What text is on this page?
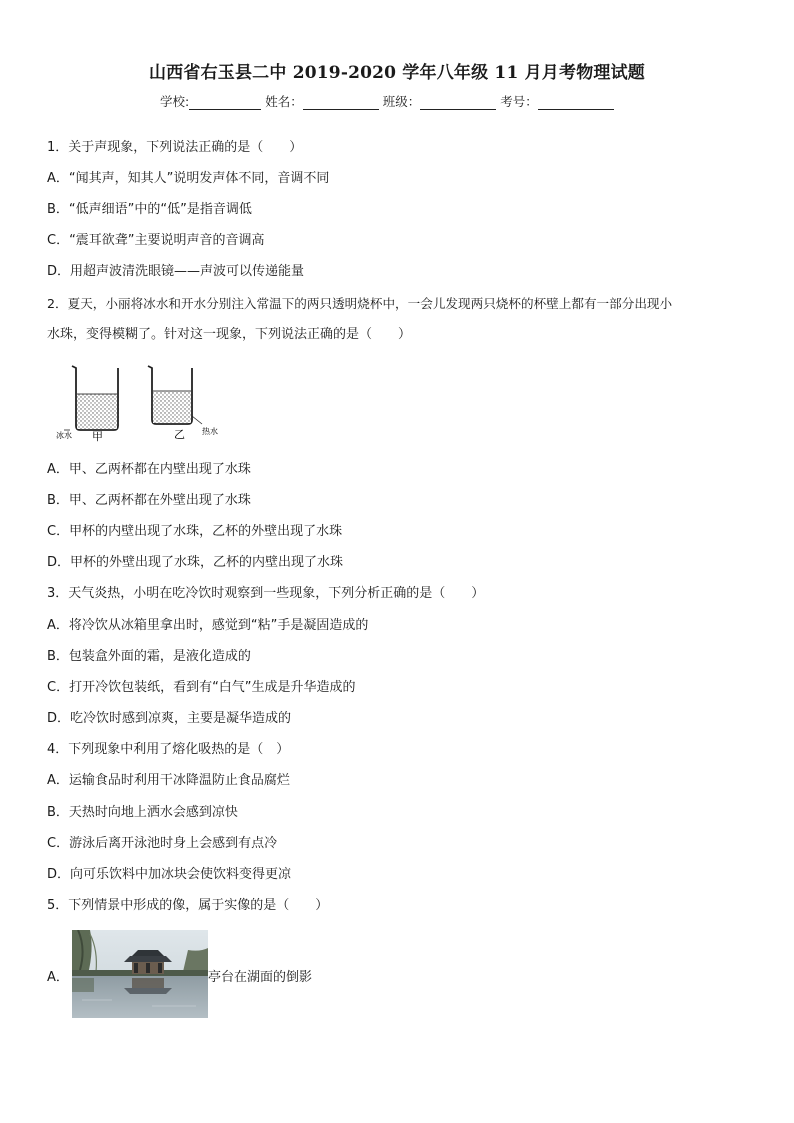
山西省右玉县二中 2019-2020 学年八年级 11 月月考物理试题
学校:	姓名：	班级：	考号：
1．关于声现象，下列说法正确的是（　　）
A．“闻其声，知其人”说明发声体不同，音调不同
B．“低声细语”中的“低”是指音调低
C．“震耳欲聋”主要说明声音的音调高
D．用超声波清洗眼镜——声波可以传递能量
2．夏天，小丽将冰水和开水分别注入常温下的两只透明烧杯中，一会儿发现两只烧杯的杯壁上都有一部分出现小
水珠，变得模糊了。针对这一现象，下列说法正确的是（　　）
冰水 甲	乙 热水
A．甲、乙两杯都在内壁出现了水珠
B．甲、乙两杯都在外壁出现了水珠
C．甲杯的内壁出现了水珠，乙杯的外壁出现了水珠
D．甲杯的外壁出现了水珠，乙杯的内壁出现了水珠
3．天气炎热，小明在吃冷饮时观察到一些现象，下列分析正确的是（　　）
A．将冷饮从冰箱里拿出时，感觉到“粘”手是凝固造成的
B．包装盒外面的霜，是液化造成的
C．打开冷饮包装纸，看到有“白气”生成是升华造成的
D．吃冷饮时感到凉爽，主要是凝华造成的
4．下列现象中利用了熔化吸热的是（　）
A．运输食品时利用干冰降温防止食品腐烂
B．天热时向地上洒水会感到凉快
C．游泳后离开泳池时身上会感到有点冷
D．向可乐饮料中加冰块会使饮料变得更凉
5．下列情景中形成的像，属于实像的是（　　）
A．	亭台在湖面的倒影
